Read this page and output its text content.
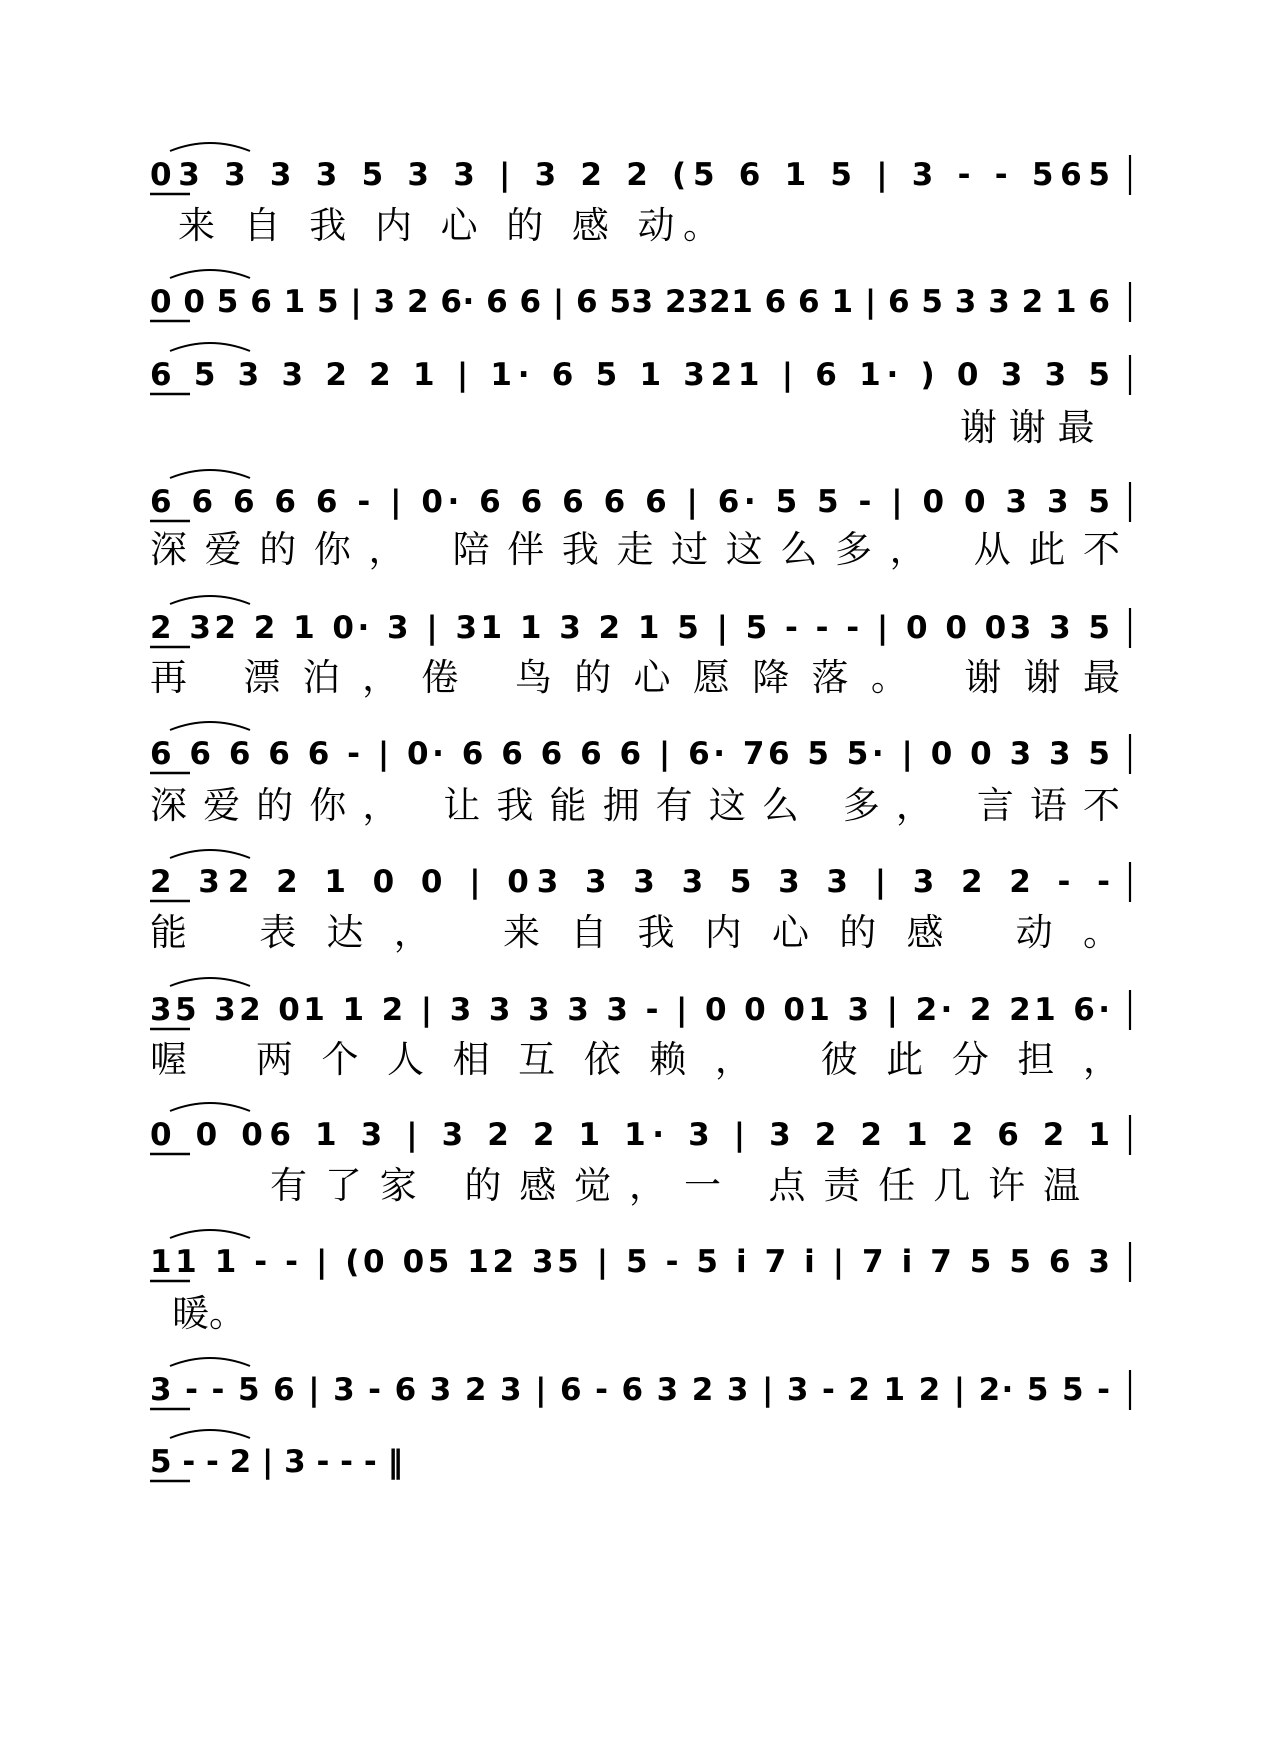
03 3 3 3 5 3 3 | 3 2 2 (5 6 1 5 | 3 - - 565
来 自 我 内 心 的 感 动。
0 0 5 6 1 5 | 3 2 6· 6 6 | 6 53 2321 6 6 1 | 6 5 3 3 2 1 6
6 5 3 3 2 2 1 | 1· 6 5 1 321 | 6 1· ) 0 3 3 5
谢 谢 最
6 6 6 6 6 - | 0· 6 6 6 6 6 | 6· 5 5 - | 0 0 3 3 5
深爱的你， 陪伴我走过这么多， 从此不
2 32 2 1 0· 3 | 31 1 3 2 1 5 | 5 - - - | 0 0 03 3 5
再 漂泊，倦 鸟的心愿降落。 谢谢最
6 6 6 6 6 - | 0· 6 6 6 6 6 | 6· 76 5 5· | 0 0 3 3 5
深爱的你， 让我能拥有这么 多， 言语不
2 32 2 1 0 0 | 03 3 3 3 5 3 3 | 3 2 2 - -
能 表达， 来自我内心的感 动。
35 32 01 1 2 | 3 3 3 3 3 - | 0 0 01 3 | 2· 2 21 6·
喔 两个人相互依赖， 彼此分担，
0 0 06 1 3 | 3 2 2 1 1· 3 | 3 2 2 1 2 6 2 1
有了家 的感觉，一 点责任几许温
11 1 - - | (0 05 12 35 | 5 - 5 i 7 i | 7 i 7 5 5 6 3
暖。
3 - - 5 6 | 3 - 6 3 2 3 | 6 - 6 3 2 3 | 3 - 2 1 2 | 2· 5 5 -
5 - - 2 | 3 - - - ‖
